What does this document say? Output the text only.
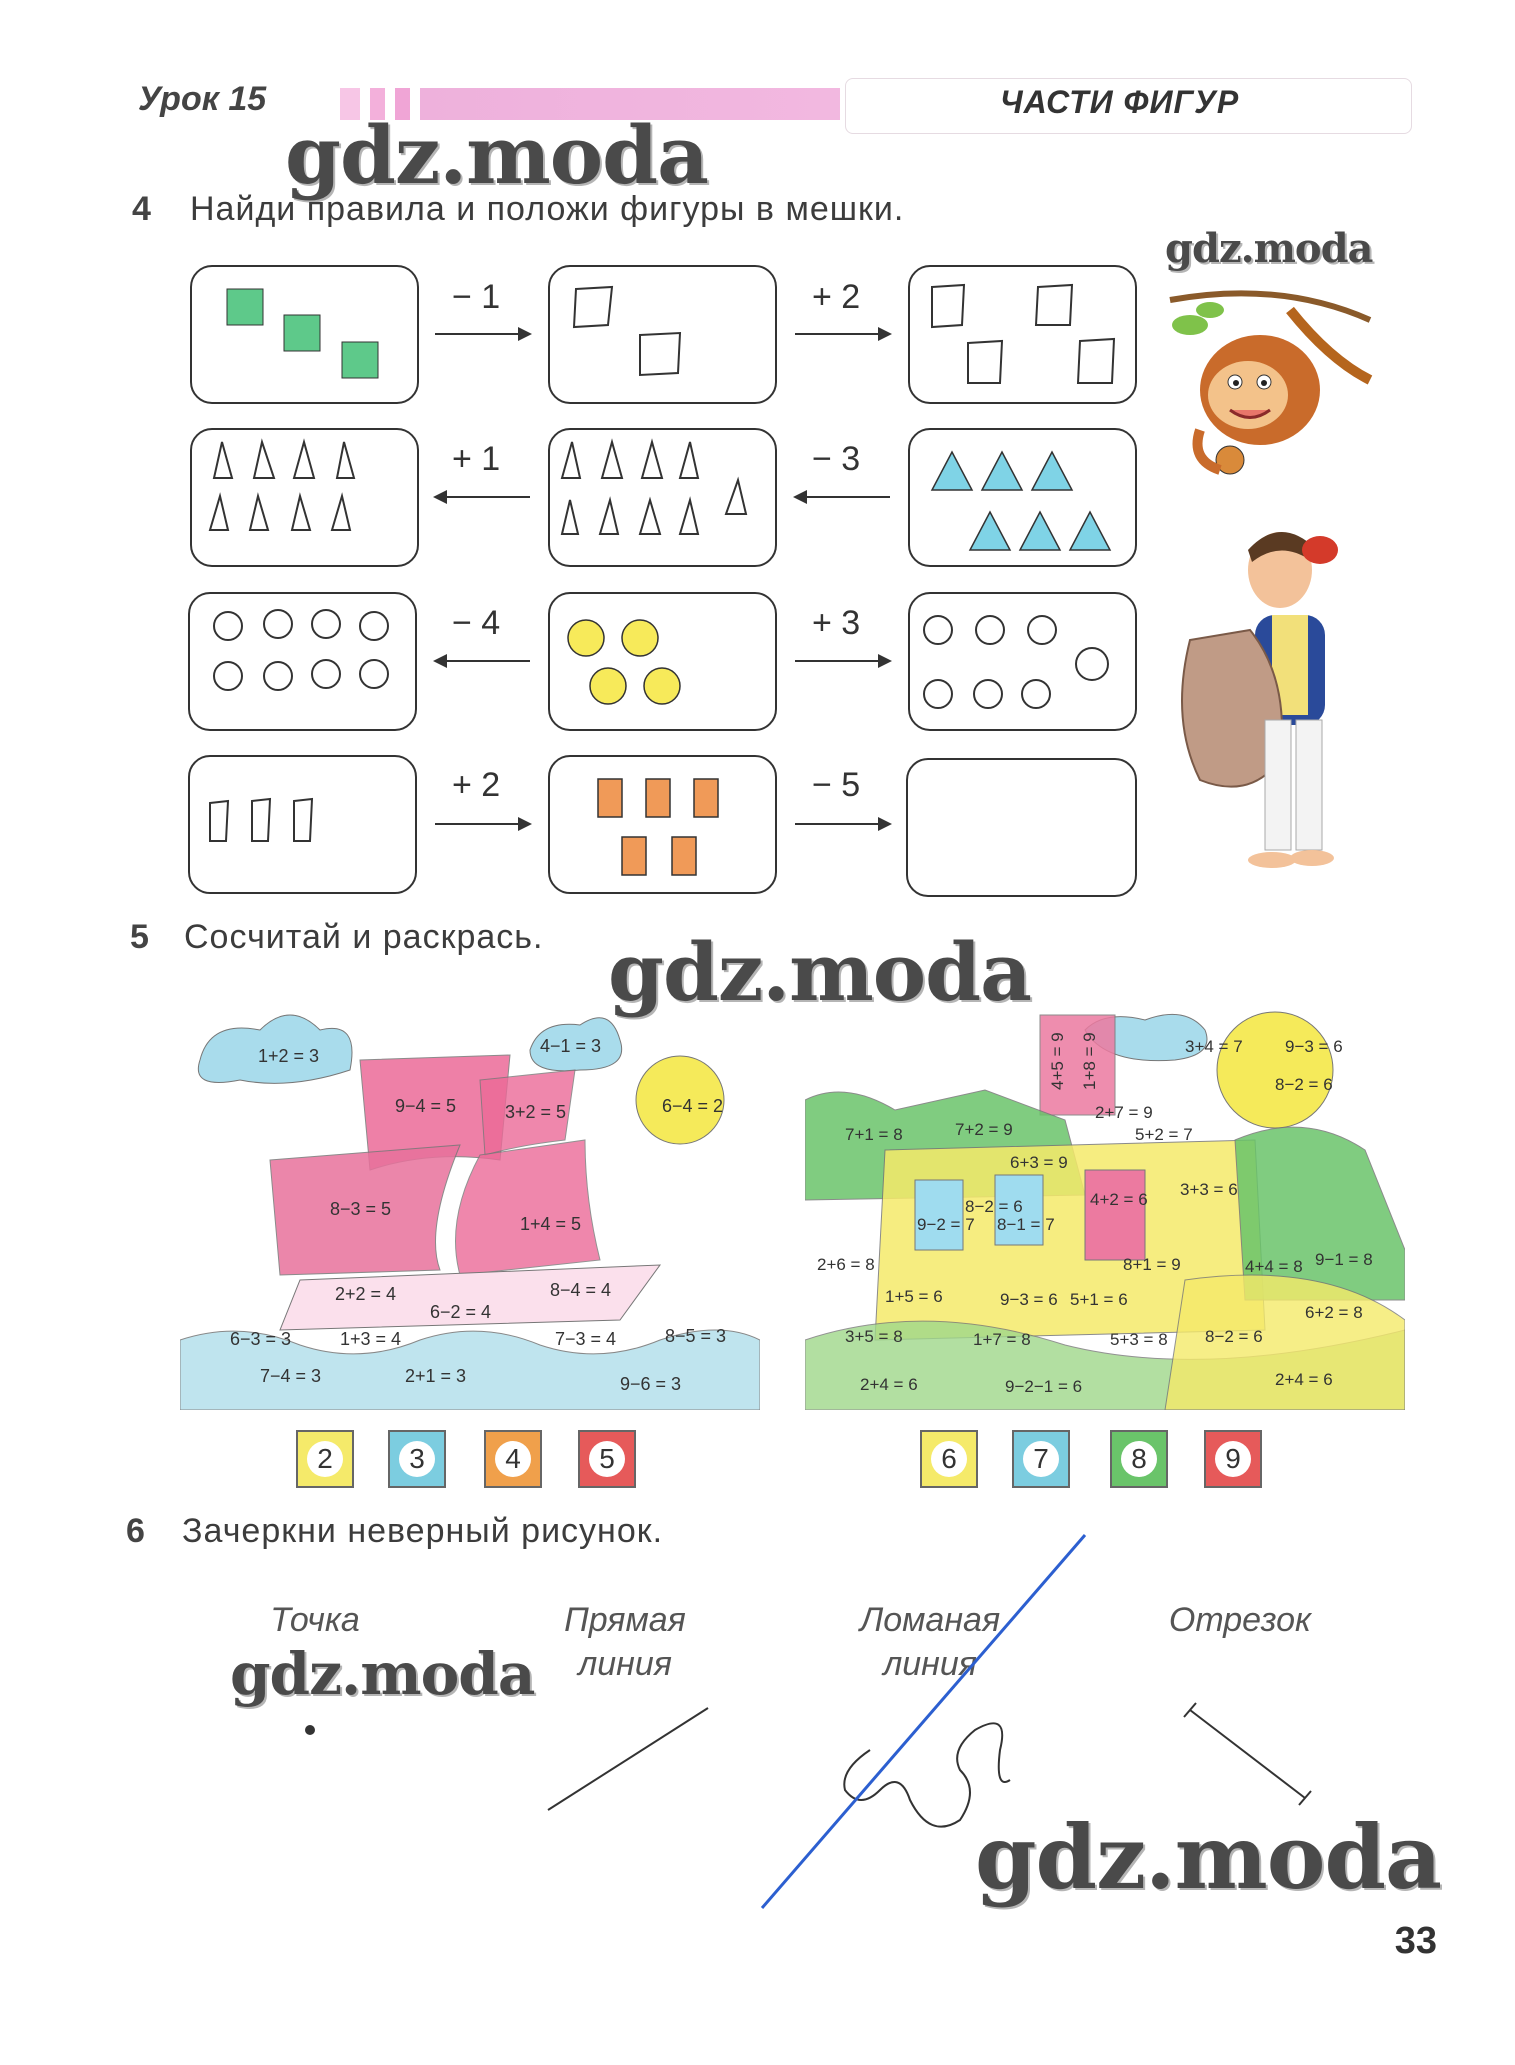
Урок 15	ЧАСТИ ФИГУР
gdz.moda
gdz.moda
gdz.moda
gdz.moda
gdz.moda
4 Найди правила и положи фигуры в мешки.
− 1	+ 2
+ 1	− 3
− 4	+ 3
+ 2	− 5
5 Сосчитай и раскрась.
1+2 = 3	4−1 = 3
6−4 = 2
9−4 = 5	3+2 = 5
8−3 = 5
1+4 = 5
2+2 = 4	8−4 = 4
6−2 = 4
1+3 = 4
6−3 = 3	7−3 = 4	8−5 = 3
7−4 = 3	2+1 = 3	9−6 = 3
4+5 = 9 1+8 = 9	3+4 = 7 9−3 = 6
8−2 = 6
2+7 = 9
7+1 = 8	7+2 = 9
6+3 = 9
5+2 = 7
4+2 = 6
3+3 = 6
8−2 = 6
9−2 = 7 8−1 = 7
2+6 = 8	8+1 = 9	4+4 = 8 9−1 = 8
1+5 = 6	9−3 = 6 5+1 = 6
6+2 = 8
3+5 = 8	1+7 = 8	5+3 = 8 8−2 = 6
2+4 = 6	9−2−1 = 6	2+4 = 6
2	3	4	5	6	7	8	9
6 Зачеркни неверный рисунок.
Точка	Прямая
линия
Ломаная
линия
Отрезок
33
